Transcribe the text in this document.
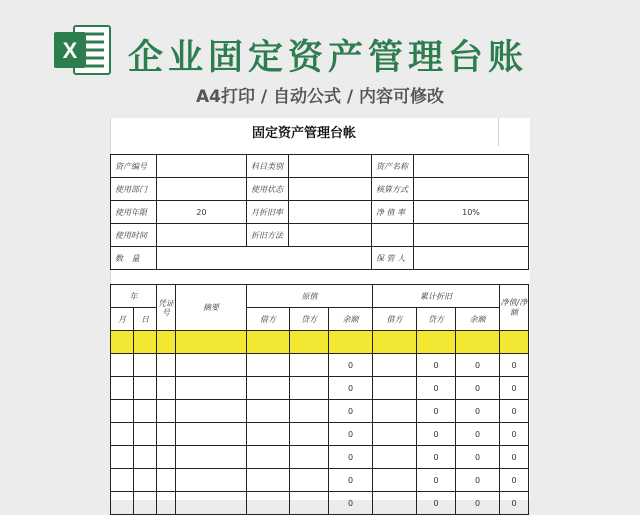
X 企业固定资产管理台账
A4打印 / 自动公式 / 内容可修改
固定资产管理台帐
资产编号		科目类别		资产名称	
使用部门		使用状态		核算方式	
使用年限	20	月折旧率		净 值 率	10%
使用时间		折旧方法			
数 量				保 管 人	
年		凭证号	摘要	原值			累计折旧			净值/净额
月	日			借方	贷方	余额	借方	贷方	余额	

						0		0	0	0
						0		0	0	0
						0		0	0	0
						0		0	0	0
						0		0	0	0
						0		0	0	0
						0		0	0	0
